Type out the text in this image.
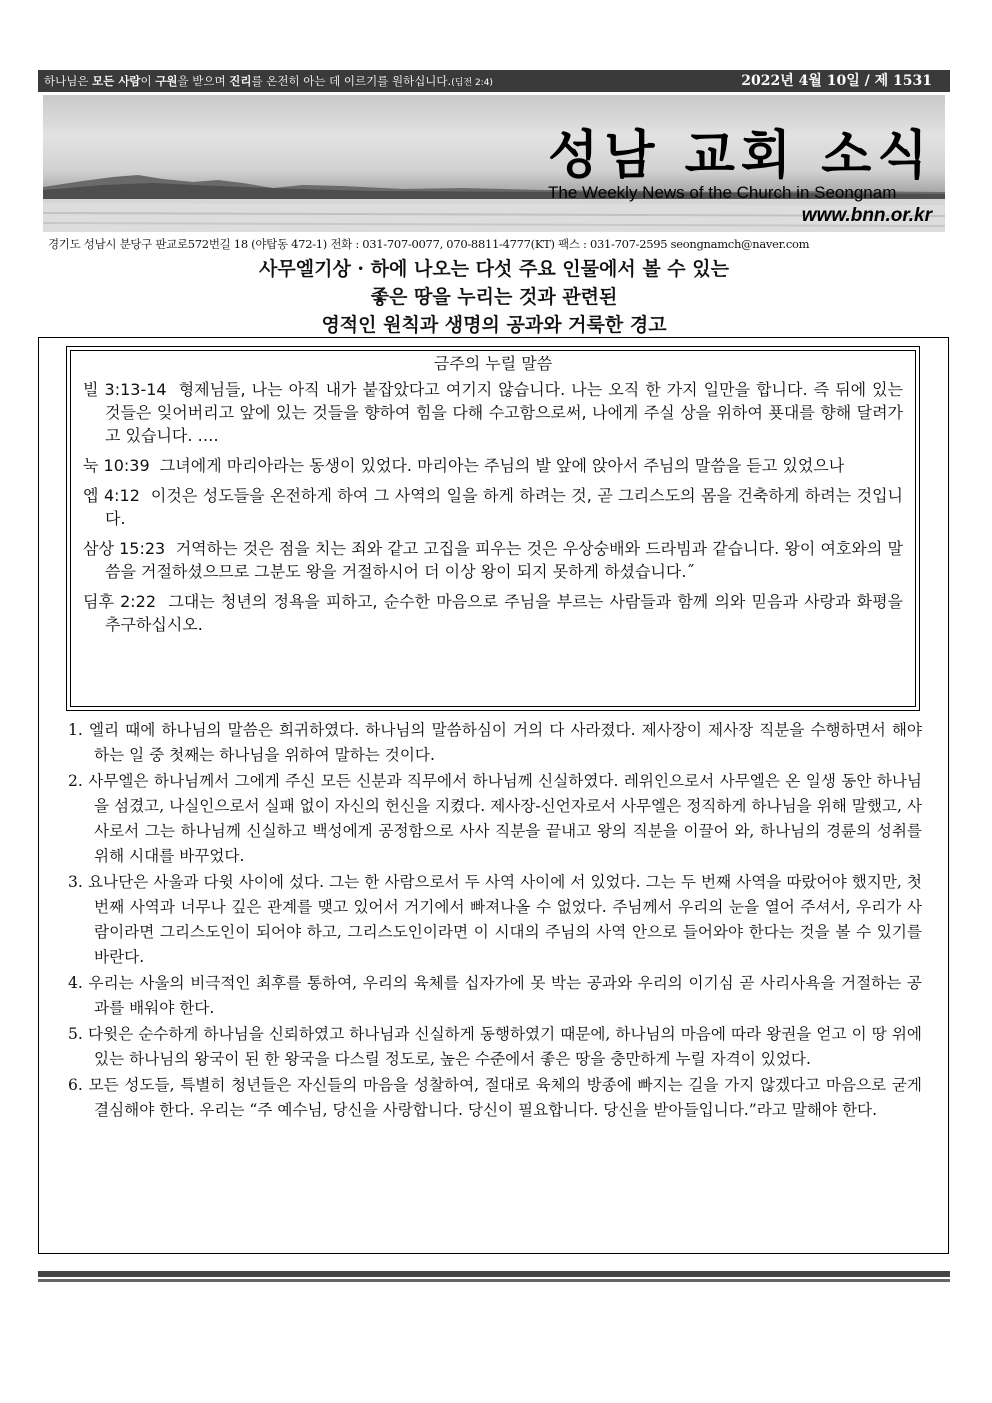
하나님은 모든 사람이 구원을 받으며 진리를 온전히 아는 데 이르기를 원하십니다.(딤전 2:4)	2022년 4월 10일 / 제 1531
성남 교회 소식
The Weekly News of the Church in Seongnam
www.bnn.or.kr
경기도 성남시 분당구 판교로572번길 18 (야탑동 472-1) 전화 : 031-707-0077, 070-8811-4777(KT) 팩스 : 031-707-2595 seongnamch@naver.com
사무엘기상 · 하에 나오는 다섯 주요 인물에서 볼 수 있는
좋은 땅을 누리는 것과 관련된
영적인 원칙과 생명의 공과와 거룩한 경고
금주의 누릴 말씀
빌 3:13-14 형제님들, 나는 아직 내가 붙잡았다고 여기지 않습니다. 나는 오직 한 가지 일만을 합니다. 즉 뒤에 있는 것들은 잊어버리고 앞에 있는 것들을 향하여 힘을 다해 수고함으로써, 나에게 주실 상을 위하여 푯대를 향해 달려가고 있습니다. ….
눅 10:39 그녀에게 마리아라는 동생이 있었다. 마리아는 주님의 발 앞에 앉아서 주님의 말씀을 듣고 있었으나
엡 4:12 이것은 성도들을 온전하게 하여 그 사역의 일을 하게 하려는 것, 곧 그리스도의 몸을 건축하게 하려는 것입니다.
삼상 15:23 거역하는 것은 점을 치는 죄와 같고 고집을 피우는 것은 우상숭배와 드라빔과 같습니다. 왕이 여호와의 말씀을 거절하셨으므로 그분도 왕을 거절하시어 더 이상 왕이 되지 못하게 하셨습니다.˝
딤후 2:22 그대는 청년의 정욕을 피하고, 순수한 마음으로 주님을 부르는 사람들과 함께 의와 믿음과 사랑과 화평을 추구하십시오.
1. 엘리 때에 하나님의 말씀은 희귀하였다. 하나님의 말씀하심이 거의 다 사라졌다. 제사장이 제사장 직분을 수행하면서 해야 하는 일 중 첫째는 하나님을 위하여 말하는 것이다.
2. 사무엘은 하나님께서 그에게 주신 모든 신분과 직무에서 하나님께 신실하였다. 레위인으로서 사무엘은 온 일생 동안 하나님을 섬겼고, 나실인으로서 실패 없이 자신의 헌신을 지켰다. 제사장-신언자로서 사무엘은 정직하게 하나님을 위해 말했고, 사사로서 그는 하나님께 신실하고 백성에게 공정함으로 사사 직분을 끝내고 왕의 직분을 이끌어 와, 하나님의 경륜의 성취를 위해 시대를 바꾸었다.
3. 요나단은 사울과 다윗 사이에 섰다. 그는 한 사람으로서 두 사역 사이에 서 있었다. 그는 두 번째 사역을 따랐어야 했지만, 첫 번째 사역과 너무나 깊은 관계를 맺고 있어서 거기에서 빠져나올 수 없었다. 주님께서 우리의 눈을 열어 주셔서, 우리가 사람이라면 그리스도인이 되어야 하고, 그리스도인이라면 이 시대의 주님의 사역 안으로 들어와야 한다는 것을 볼 수 있기를 바란다.
4. 우리는 사울의 비극적인 최후를 통하여, 우리의 육체를 십자가에 못 박는 공과와 우리의 이기심 곧 사리사욕을 거절하는 공과를 배워야 한다.
5. 다윗은 순수하게 하나님을 신뢰하였고 하나님과 신실하게 동행하였기 때문에, 하나님의 마음에 따라 왕권을 얻고 이 땅 위에 있는 하나님의 왕국이 된 한 왕국을 다스릴 정도로, 높은 수준에서 좋은 땅을 충만하게 누릴 자격이 있었다.
6. 모든 성도들, 특별히 청년들은 자신들의 마음을 성찰하여, 절대로 육체의 방종에 빠지는 길을 가지 않겠다고 마음으로 굳게 결심해야 한다. 우리는 “주 예수님, 당신을 사랑합니다. 당신이 필요합니다. 당신을 받아들입니다.”라고 말해야 한다.
